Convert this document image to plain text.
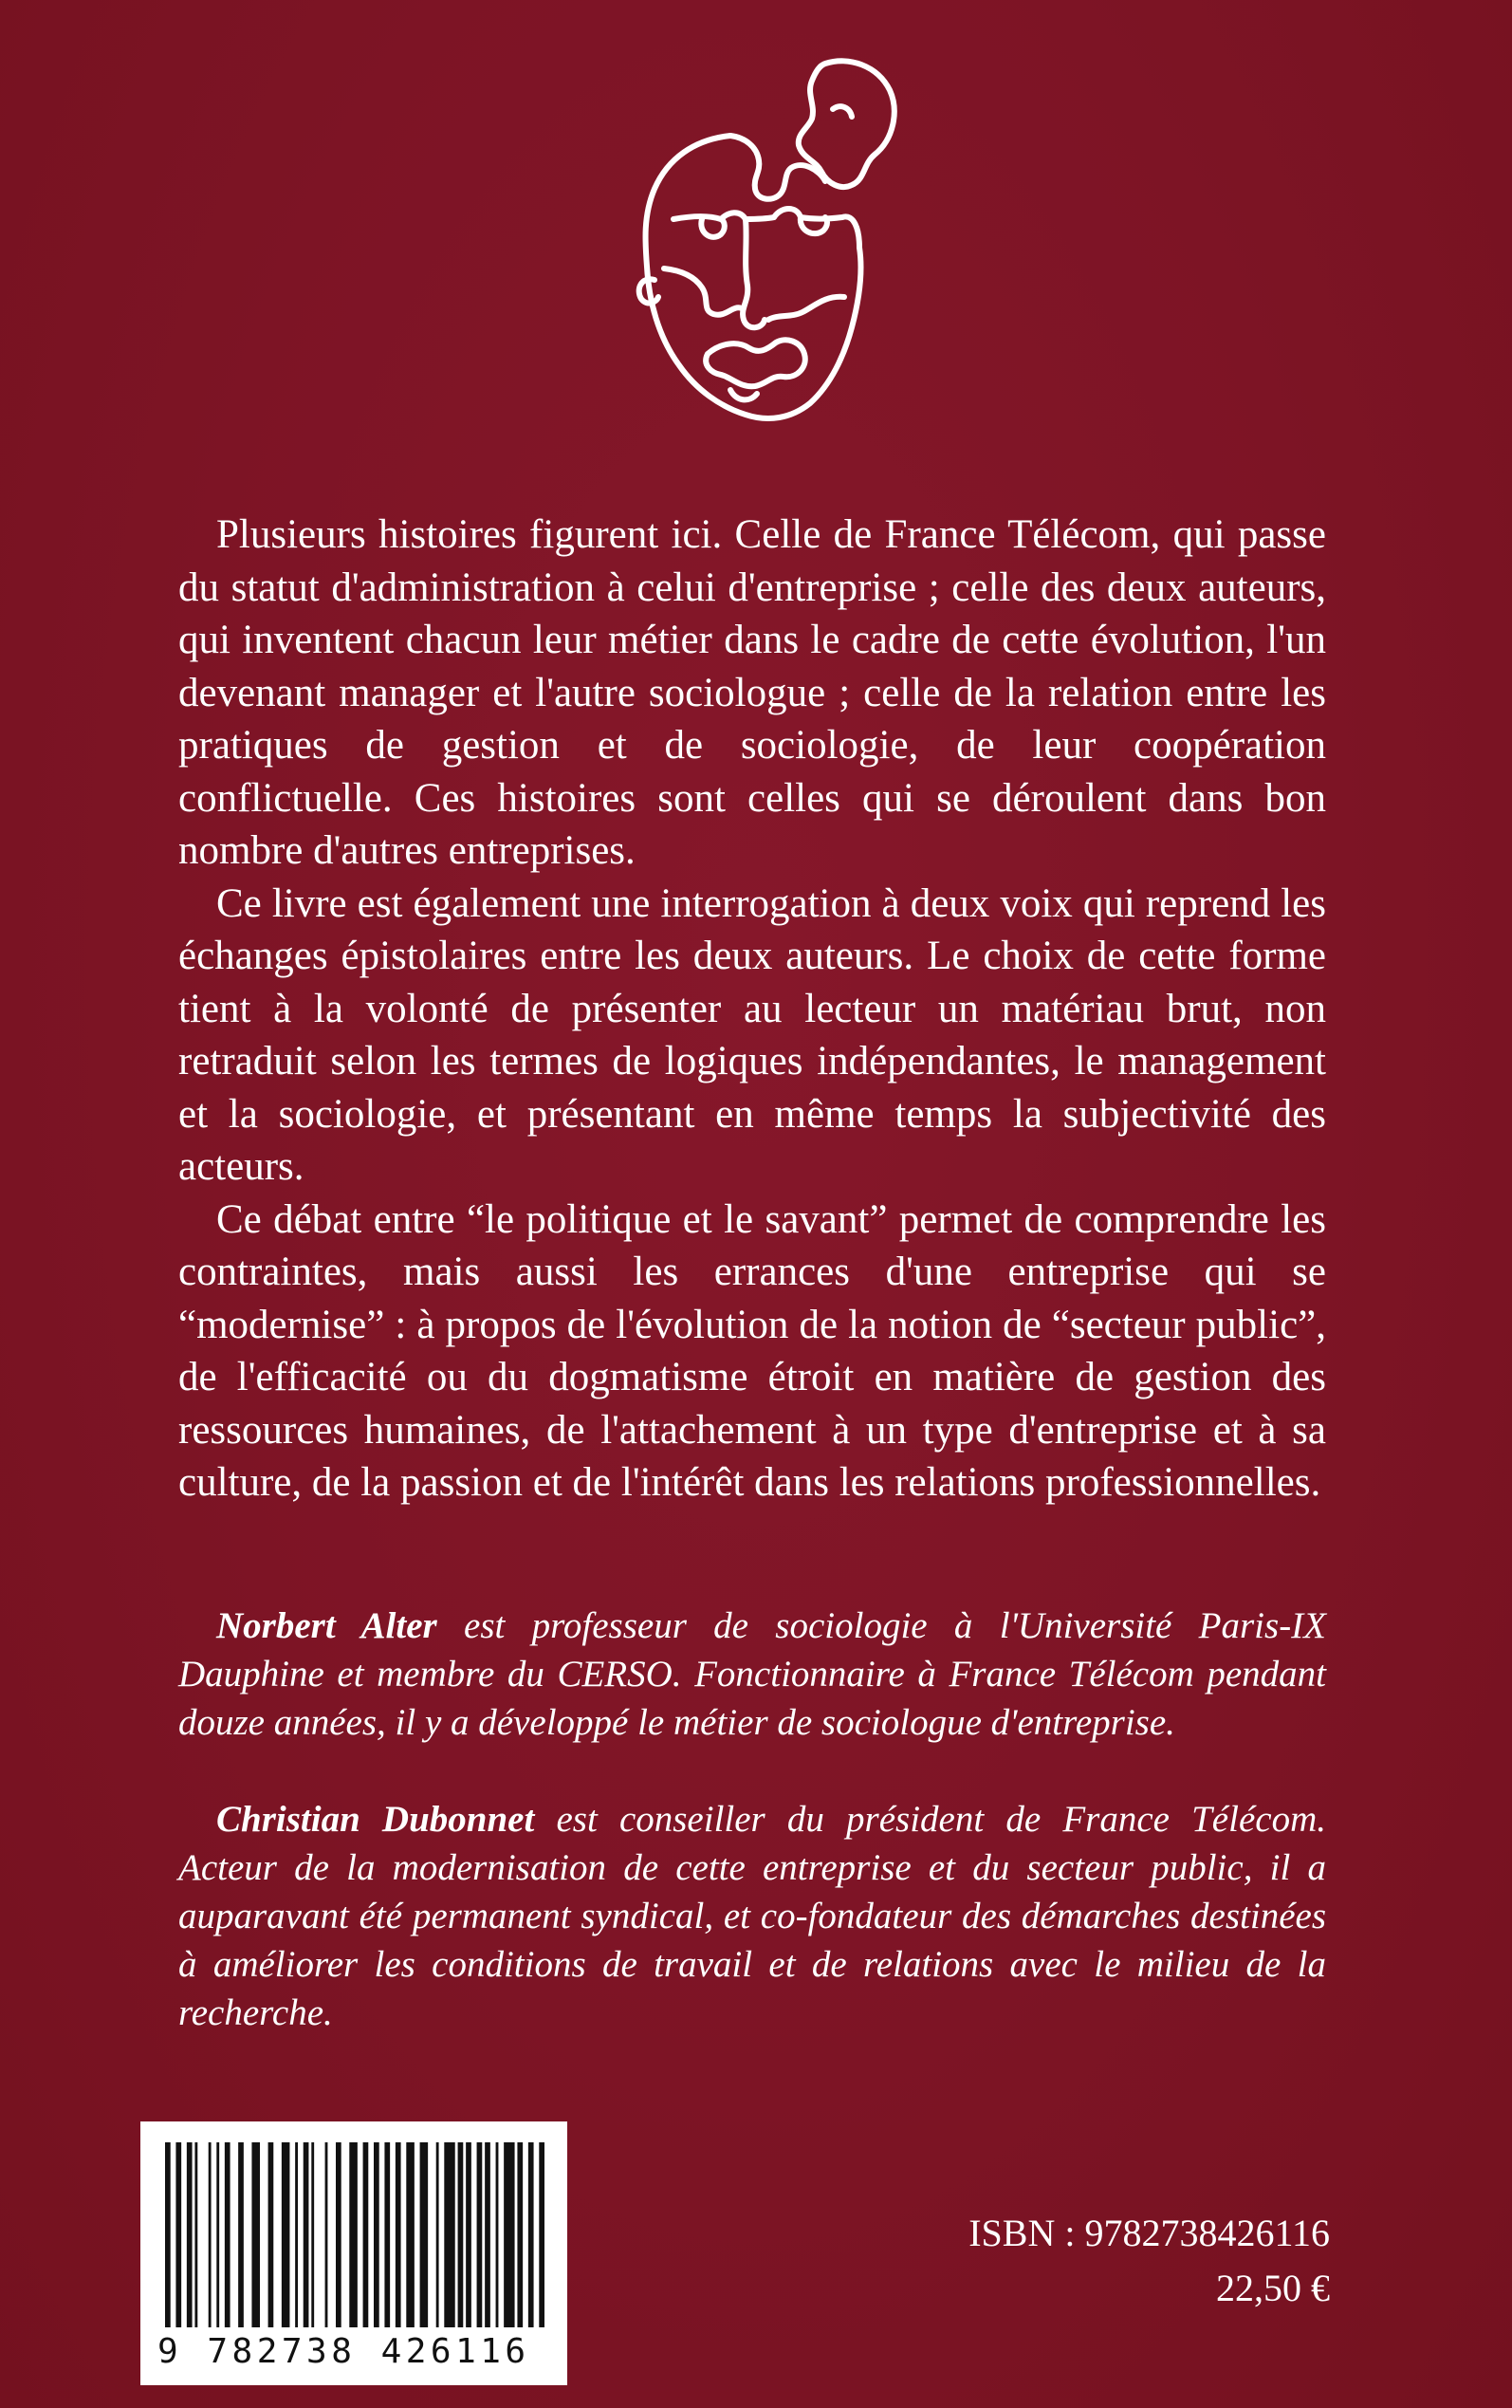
Plusieurs histoires figurent ici. Celle de France Télécom, qui passe du statut d'administration à celui d'entreprise ; celle des deux auteurs, qui inventent chacun leur métier dans le cadre de cette évolution, l'un devenant manager et l'autre sociologue ; celle de la relation entre les pratiques de gestion et de sociologie, de leur coopération conflictuelle. Ces histoires sont celles qui se déroulent dans bon nombre d'autres entreprises.

Ce livre est également une interrogation à deux voix qui reprend les échanges épistolaires entre les deux auteurs. Le choix de cette forme tient à la volonté de présenter au lecteur un matériau brut, non retraduit selon les termes de logiques indépendantes, le management et la sociologie, et présentant en même temps la subjectivité des acteurs.

Ce débat entre “le politique et le savant” permet de comprendre les contraintes, mais aussi les errances d'une entreprise qui se “modernise” : à propos de l'évolution de la notion de “secteur public”, de l'efficacité ou du dogmatisme étroit en matière de gestion des ressources humaines, de l'attachement à un type d'entreprise et à sa culture, de la passion et de l'intérêt dans les relations professionnelles.

Norbert Alter est professeur de sociologie à l'Université Paris-IX Dauphine et membre du CERSO. Fonctionnaire à France Télécom pendant douze années, il y a développé le métier de sociologue d'entreprise.

Christian Dubonnet est conseiller du président de France Télécom. Acteur de la modernisation de cette entreprise et du secteur public, il a auparavant été permanent syndical, et co-fondateur des démarches destinées à améliorer les conditions de travail et de relations avec le milieu de la recherche.

9 782738 426116
ISBN : 9782738426116
22,50 €
